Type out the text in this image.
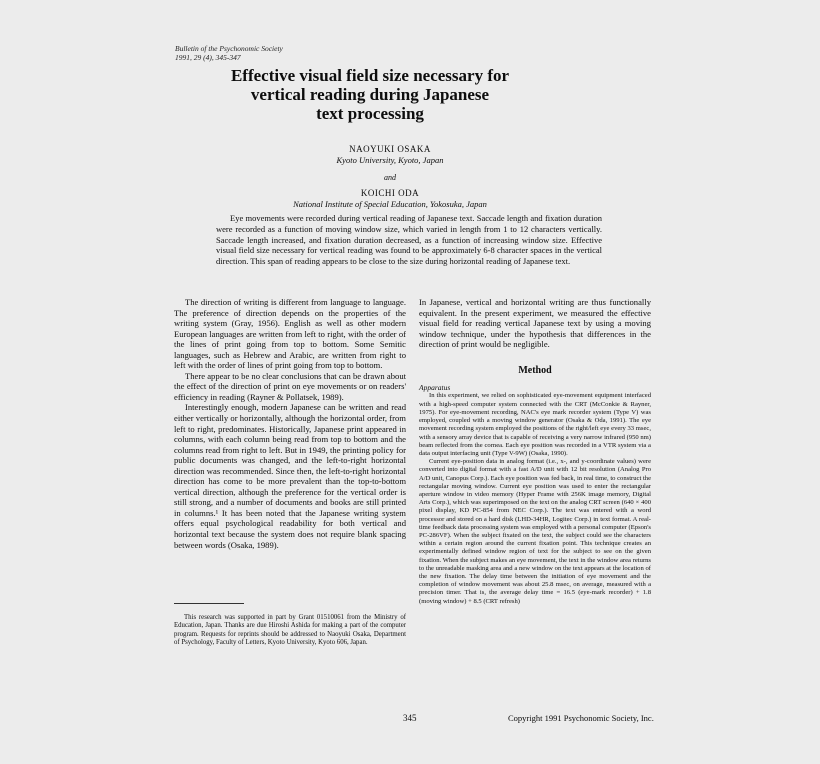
Bulletin of the Psychonomic Society
1991, 29 (4), 345-347
Effective visual field size necessary for
vertical reading during Japanese
text processing
NAOYUKI OSAKA
Kyoto University, Kyoto, Japan
and
KOICHI ODA
National Institute of Special Education, Yokosuka, Japan
Eye movements were recorded during vertical reading of Japanese text. Saccade length and fixation duration were recorded as a function of moving window size, which varied in length from 1 to 12 characters vertically. Saccade length increased, and fixation duration decreased, as a function of increasing window size. Effective visual field size necessary for vertical reading was found to be approximately 6-8 character spaces in the vertical direction. This span of reading appears to be close to the size during horizontal reading of Japanese text.

The direction of writing is different from language to language. The preference of direction depends on the properties of the writing system (Gray, 1956). English as well as other modern European languages are written from left to right, with the order of the lines of print going from top to bottom. Some Semitic languages, such as Hebrew and Arabic, are written from right to left with the order of lines of print going from top to bottom.

There appear to be no clear conclusions that can be drawn about the effect of the direction of print on eye movements or on readers' efficiency in reading (Rayner & Pollatsek, 1989).

Interestingly enough, modern Japanese can be written and read either vertically or horizontally, although the horizontal order, from left to right, predominates. Historically, Japanese print appeared in columns, with each column being read from top to bottom and the columns read from right to left. But in 1949, the printing policy for public documents was changed, and the left-to-right horizontal direction was recommended. Since then, the left-to-right horizontal direction has come to be more prevalent than the top-to-bottom vertical direction, although the preference for the vertical order is still strong, and a number of documents and books are still printed in columns.¹ It has been noted that the Japanese writing system offers equal psychological readability for both vertical and horizontal text because the system does not require blank spacing between words (Osaka, 1989).

This research was supported in part by Grant 01510061 from the Ministry of Education, Japan. Thanks are due Hiroshi Ashida for making a part of the computer program. Requests for reprints should be addressed to Naoyuki Osaka, Department of Psychology, Faculty of Letters, Kyoto University, Kyoto 606, Japan.

In Japanese, vertical and horizontal writing are thus functionally equivalent. In the present experiment, we measured the effective visual field for reading vertical Japanese text by using a moving window technique, under the hypothesis that differences in the direction of print would be negligible.

Method

Apparatus

In this experiment, we relied on sophisticated eye-movement equipment interfaced with a high-speed computer system connected with the CRT (McConkie & Rayner, 1975). For eye-movement recording, NAC's eye mark recorder system (Type V) was employed, coupled with a moving window generator (Osaka & Oda, 1991). The eye movement recording system employed the positions of the right/left eye every 33 msec, with a sensory array device that is capable of receiving a very narrow infrared (950 nm) beam reflected from the cornea. Each eye position was recorded in a VTR system via a data output interfacing unit (Type V-9W) (Osaka, 1990).

Current eye-position data in analog format (i.e., x-, and y-coordinate values) were converted into digital format with a fast A/D unit with 12 bit resolution (Analog Pro A/D unit, Canopus Corp.). Each eye position was fed back, in real time, to construct the rectangular moving window. Current eye position was used to enter the rectangular aperture window in video memory (Hyper Frame with 256K image memory, Digital Arts Corp.), which was superimposed on the text on the analog CRT screen (640 × 400 pixel display, KD PC-854 from NEC Corp.). The text was entered with a word processor and stored on a hard disk (LHD-34HR, Logitec Corp.) in text format. A real-time feedback data processing system was employed with a personal computer (Epson's PC-286VF). When the subject fixated on the text, the subject could see the characters within a certain region around the current fixation point. This technique creates an experimentally defined window region of text for the subject to see on the given fixation. When the subject makes an eye movement, the text in the window area returns to the unreadable masking area and a new window on the text appears at the location of the new fixation. The delay time between the initiation of eye movement and the completion of window movement was about 25.8 msec, on average, measured with a precision timer. That is, the average delay time = 16.5 (eye-mark recorder) + 1.8 (moving window) + 8.5 (CRT refresh)

345	Copyright 1991 Psychonomic Society, Inc.
